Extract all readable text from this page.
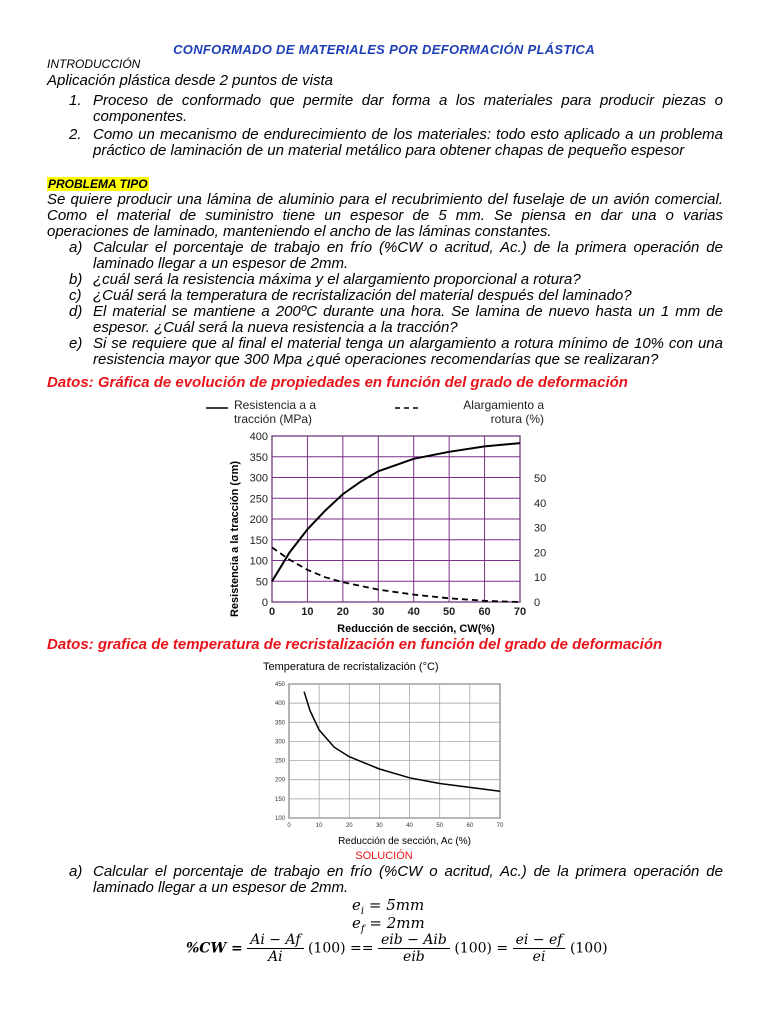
CONFORMADO DE MATERIALES POR DEFORMACIÓN PLÁSTICA
INTRODUCCIÓN
Aplicación plástica desde 2 puntos de vista
1. Proceso de conformado que permite dar forma a los materiales para producir piezas o componentes.
2. Como un mecanismo de endurecimiento de los materiales: todo esto aplicado a un problema práctico de laminación de un material metálico para obtener chapas de pequeño espesor
PROBLEMA TIPO
Se quiere producir una lámina de aluminio para el recubrimiento del fuselaje de un avión comercial. Como el material de suministro tiene un espesor de 5 mm. Se piensa en dar una o varias operaciones de laminado, manteniendo el ancho de las láminas constantes.
a) Calcular el porcentaje de trabajo en frío (%CW o acritud, Ac.) de la primera operación de laminado llegar a un espesor de 2mm.
b) ¿cuál será la resistencia máxima y el alargamiento proporcional a rotura?
c) ¿Cuál será la temperatura de recristalización del material después del laminado?
d) El material se mantiene a 200ºC durante una hora. Se lamina de nuevo hasta un 1 mm de espesor. ¿Cuál será la nueva resistencia a la tracción?
e) Si se requiere que al final el material tenga un alargamiento a rotura mínimo de 10% con una resistencia mayor que 300 Mpa ¿qué operaciones recomendarías que se realizaran?
Datos: Gráfica de evolución de propiedades en función del grado de deformación
0 10 20 30 40 50 60 70
0
50
100
150
200
250
300
350
400
0
10
20
30
40
50
Reducción de sección, CW(%)
Resistencia a la tracción (σm)
Resistencia a a
tracción (MPa)
Alargamiento a
rotura (%)
Datos: grafica de temperatura de recristalización en función del grado de deformación
Temperatura de recristalización (°C)
0	10	20	30	40	50	60	70
100
150
200
250
300
350
400
450
Reducción de sección, Ac (%)
SOLUCIÓN
a) Calcular el porcentaje de trabajo en frío (%CW o acritud, Ac.) de la primera operación de laminado llegar a un espesor de 2mm.
$e_i = 5mm$
$e_f = 2mm$
$\%CW = \frac{Ai - Af}{Ai} (100) == \frac{\text{eib − Aib}}{\text{eib}} (100) = \frac{ei - ef}{ei} (100)$
